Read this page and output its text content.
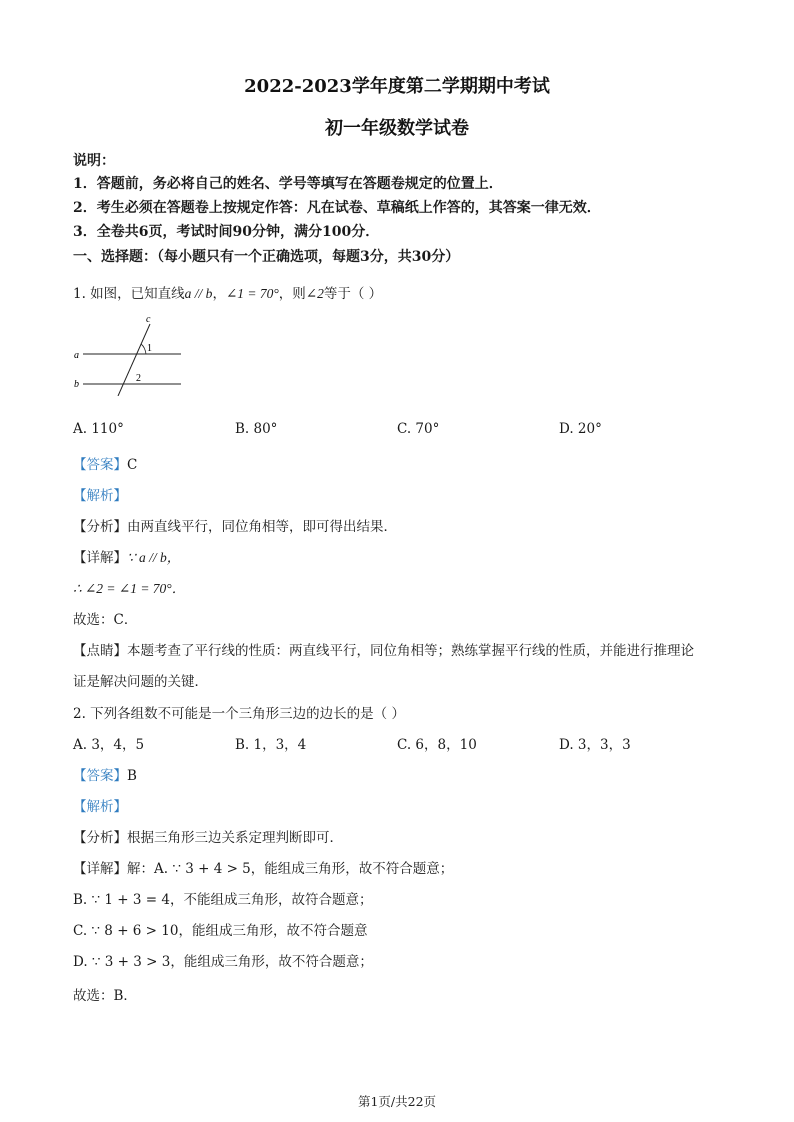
2022-2023学年度第二学期期中考试
初一年级数学试卷
说明：
1．答题前，务必将自己的姓名、学号等填写在答题卷规定的位置上．
2．考生必须在答题卷上按规定作答：凡在试卷、草稿纸上作答的，其答案一律无效．
3．全卷共6页，考试时间90分钟，满分100分．
一、选择题：（每小题只有一个正确选项，每题3分，共30分）
1. 如图，已知直线a // b，∠1 = 70°，则∠2等于（ ）
c
a
b
1
2
A. 110°	B. 80°	C. 70°	D. 20°
【答案】C
【解析】
【分析】由两直线平行，同位角相等，即可得出结果．
【详解】∵ a // b，
∴ ∠2 = ∠1 = 70°．
故选：C．
【点睛】本题考查了平行线的性质：两直线平行，同位角相等；熟练掌握平行线的性质，并能进行推理论
证是解决问题的关键．
2. 下列各组数不可能是一个三角形三边的边长的是（ ）
A. 3，4，5	B. 1，3，4	C. 6，8，10	D. 3，3，3
【答案】B
【解析】
【分析】根据三角形三边关系定理判断即可．
【详解】解：A. ∵ 3 + 4 > 5，能组成三角形，故不符合题意；
B. ∵ 1 + 3 = 4，不能组成三角形，故符合题意；
C. ∵ 8 + 6 > 10，能组成三角形，故不符合题意
D. ∵ 3 + 3 > 3，能组成三角形，故不符合题意；
故选：B．
第1页/共22页
